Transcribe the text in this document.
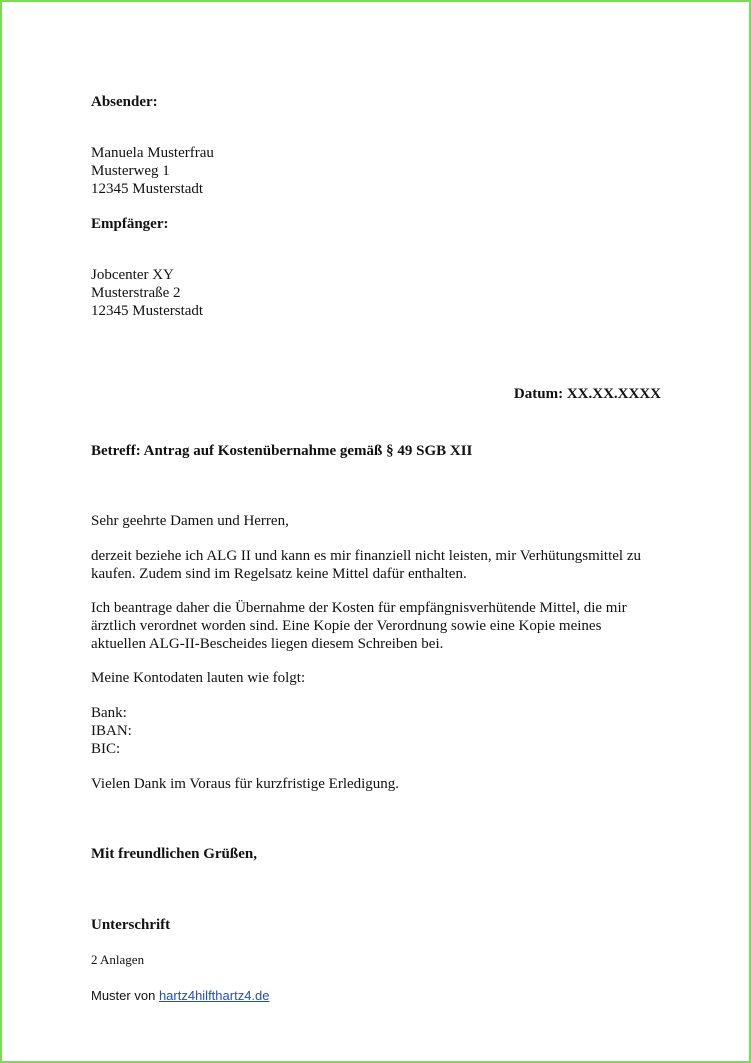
Absender:

Manuela Musterfrau
Musterweg 1
12345 Musterstadt

Empfänger:

Jobcenter XY
Musterstraße 2
12345 Musterstadt

Datum: XX.XX.XXXX

Betreff: Antrag auf Kostenübernahme gemäß § 49 SGB XII

Sehr geehrte Damen und Herren,

derzeit beziehe ich ALG II und kann es mir finanziell nicht leisten, mir Verhütungsmittel zu
kaufen. Zudem sind im Regelsatz keine Mittel dafür enthalten.
Ich beantrage daher die Übernahme der Kosten für empfängnisverhütende Mittel, die mir
ärztlich verordnet worden sind. Eine Kopie der Verordnung sowie eine Kopie meines
aktuellen ALG-II-Bescheides liegen diesem Schreiben bei.

Meine Kontodaten lauten wie folgt:

Bank:
IBAN:
BIC:

Vielen Dank im Voraus für kurzfristige Erledigung.

Mit freundlichen Grüßen,

Unterschrift

2 Anlagen

Muster von hartz4hilfthartz4.de
